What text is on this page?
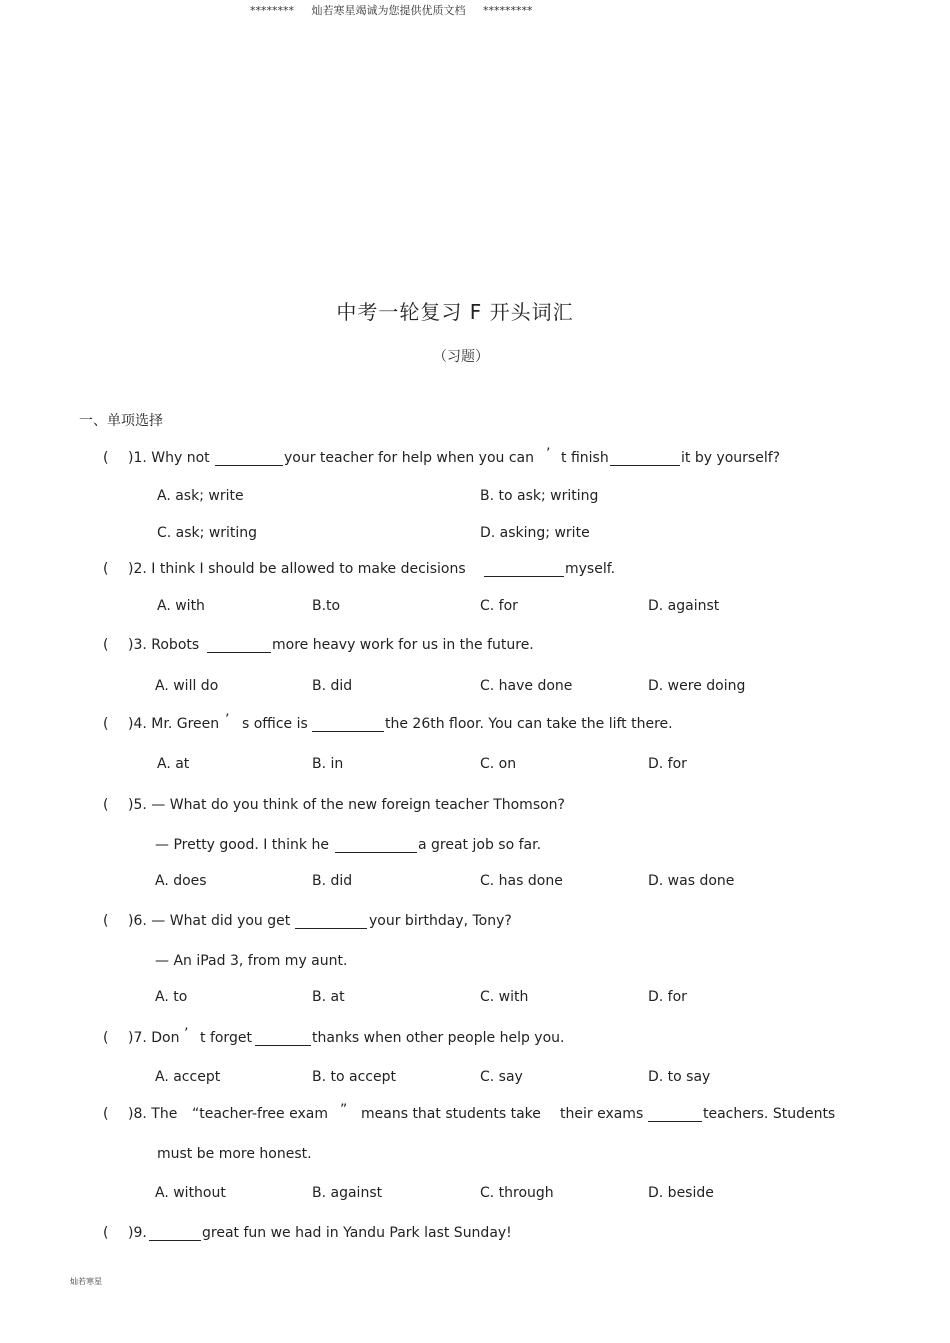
******** 灿若寒星竭诚为您提供优质文档 *********
中考一轮复习 F 开头词汇
（习题）
一、单项选择
( )1. Why not	your teacher for help when you can ’ t finish	it by yourself?
A. ask; write	B. to ask; writing
C. ask; writing	D. asking; write
( )2. I think I should be allowed to make decisions	myself.
A. with	B.to	C. for	D. against
( )3. Robots	more heavy work for us in the future.
A. will do	B. did	C. have done	D. were doing
( )4. Mr. Green ’ s office is	the 26th floor. You can take the lift there.
A. at	B. in	C. on	D. for
( )5. — What do you think of the new foreign teacher Thomson?
— Pretty good. I think he	a great job so far.
A. does	B. did	C. has done	D. was done
( )6. — What did you get	your birthday, Tony?
— An iPad 3, from my aunt.
A. to	B. at	C. with	D. for
( )7. Don ’ t forget	thanks when other people help you.
A. accept	B. to accept	C. say	D. to say
( )8. The “teacher-free exam ” means that students take their exams	teachers. Students
must be more honest.
A. without	B. against	C. through	D. beside
( )9.	great fun we had in Yandu Park last Sunday!
灿若寒星
